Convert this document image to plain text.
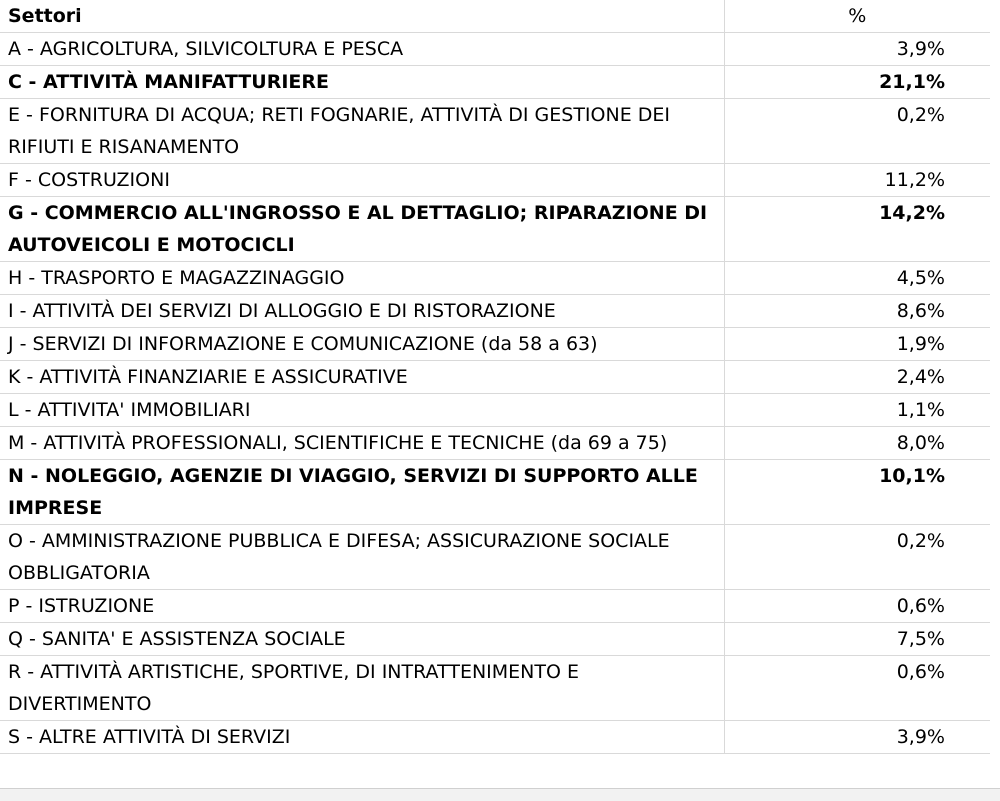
Settori	%
A - AGRICOLTURA, SILVICOLTURA E PESCA	3,9%
C - ATTIVITÀ MANIFATTURIERE	21,1%
E - FORNITURA DI ACQUA; RETI FOGNARIE, ATTIVITÀ DI GESTIONE DEI RIFIUTI E RISANAMENTO	0,2%
F - COSTRUZIONI	11,2%
G - COMMERCIO ALL'INGROSSO E AL DETTAGLIO; RIPARAZIONE DI AUTOVEICOLI E MOTOCICLI	14,2%
H - TRASPORTO E MAGAZZINAGGIO	4,5%
I - ATTIVITÀ DEI SERVIZI DI ALLOGGIO E DI RISTORAZIONE	8,6%
J - SERVIZI DI INFORMAZIONE E COMUNICAZIONE (da 58 a 63)	1,9%
K - ATTIVITÀ FINANZIARIE E ASSICURATIVE	2,4%
L - ATTIVITA' IMMOBILIARI	1,1%
M - ATTIVITÀ PROFESSIONALI, SCIENTIFICHE E TECNICHE (da 69 a 75)	8,0%
N - NOLEGGIO, AGENZIE DI VIAGGIO, SERVIZI DI SUPPORTO ALLE IMPRESE	10,1%
O - AMMINISTRAZIONE PUBBLICA E DIFESA; ASSICURAZIONE SOCIALE OBBLIGATORIA	0,2%
P - ISTRUZIONE	0,6%
Q - SANITA' E ASSISTENZA SOCIALE	7,5%
R - ATTIVITÀ ARTISTICHE, SPORTIVE, DI INTRATTENIMENTO E DIVERTIMENTO	0,6%
S - ALTRE ATTIVITÀ DI SERVIZI	3,9%
